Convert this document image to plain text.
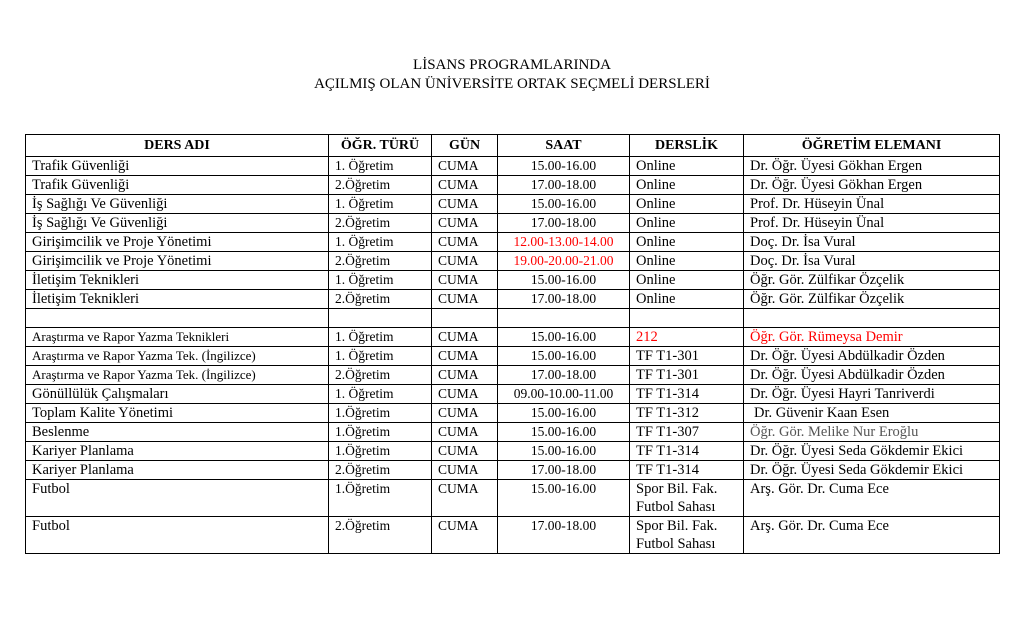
LİSANS PROGRAMLARINDA
AÇILMIŞ OLAN ÜNİVERSİTE ORTAK SEÇMELİ DERSLERİ
DERS ADI	ÖĞR. TÜRÜ	GÜN	SAAT	DERSLİK	ÖĞRETİM ELEMANI
Trafik Güvenliği	1. Öğretim	CUMA	15.00-16.00	Online	Dr. Öğr. Üyesi Gökhan Ergen
Trafik Güvenliği	2.Öğretim	CUMA	17.00-18.00	Online	Dr. Öğr. Üyesi Gökhan Ergen
İş Sağlığı Ve Güvenliği	1. Öğretim	CUMA	15.00-16.00	Online	Prof. Dr. Hüseyin Ünal
İş Sağlığı Ve Güvenliği	2.Öğretim	CUMA	17.00-18.00	Online	Prof. Dr. Hüseyin Ünal
Girişimcilik ve Proje Yönetimi	1. Öğretim	CUMA	12.00-13.00-14.00	Online	Doç. Dr. İsa Vural
Girişimcilik ve Proje Yönetimi	2.Öğretim	CUMA	19.00-20.00-21.00	Online	Doç. Dr. İsa Vural
İletişim Teknikleri	1. Öğretim	CUMA	15.00-16.00	Online	Öğr. Gör. Zülfikar Özçelik
İletişim Teknikleri	2.Öğretim	CUMA	17.00-18.00	Online	Öğr. Gör. Zülfikar Özçelik

Araştırma ve Rapor Yazma Teknikleri	1. Öğretim	CUMA	15.00-16.00	212	Öğr. Gör. Rümeysa Demir
Araştırma ve Rapor Yazma Tek. (İngilizce)	1. Öğretim	CUMA	15.00-16.00	TF T1-301	Dr. Öğr. Üyesi Abdülkadir Özden
Araştırma ve Rapor Yazma Tek. (İngilizce)	2.Öğretim	CUMA	17.00-18.00	TF T1-301	Dr. Öğr. Üyesi Abdülkadir Özden
Gönüllülük Çalışmaları	1. Öğretim	CUMA	09.00-10.00-11.00	TF T1-314	Dr. Öğr. Üyesi Hayri Tanriverdi
Toplam Kalite Yönetimi	1.Öğretim	CUMA	15.00-16.00	TF T1-312	Dr. Güvenir Kaan Esen
Beslenme	1.Öğretim	CUMA	15.00-16.00	TF T1-307	Öğr. Gör. Melike Nur Eroğlu
Kariyer Planlama	1.Öğretim	CUMA	15.00-16.00	TF T1-314	Dr. Öğr. Üyesi Seda Gökdemir Ekici
Kariyer Planlama	2.Öğretim	CUMA	17.00-18.00	TF T1-314	Dr. Öğr. Üyesi Seda Gökdemir Ekici
Futbol	1.Öğretim	CUMA	15.00-16.00	Spor Bil. Fak. Futbol Sahası	Arş. Gör. Dr. Cuma Ece
Futbol	2.Öğretim	CUMA	17.00-18.00	Spor Bil. Fak. Futbol Sahası	Arş. Gör. Dr. Cuma Ece
